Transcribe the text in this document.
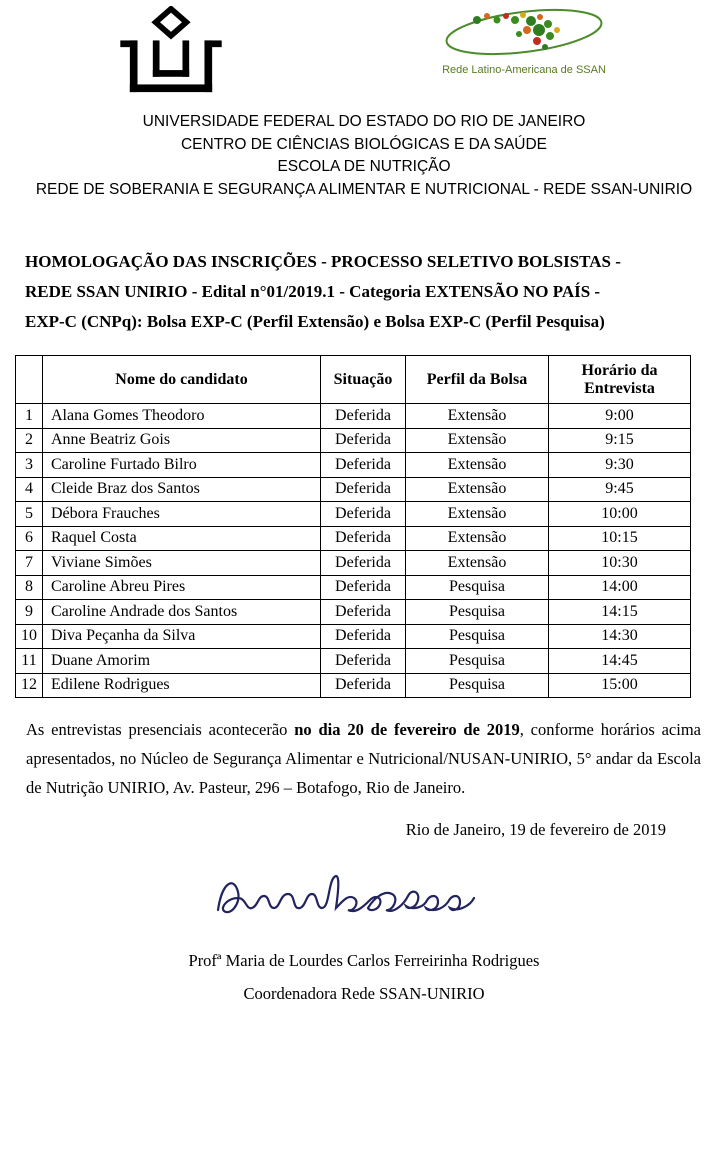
Rede Latino-Americana de SSAN
UNIVERSIDADE FEDERAL DO ESTADO DO RIO DE JANEIRO
CENTRO DE CIÊNCIAS BIOLÓGICAS E DA SAÚDE
ESCOLA DE NUTRIÇÃO
REDE DE SOBERANIA E SEGURANÇA ALIMENTAR E NUTRICIONAL - REDE SSAN-UNIRIO
HOMOLOGAÇÃO DAS INSCRIÇÕES - PROCESSO SELETIVO BOLSISTAS -
REDE SSAN UNIRIO - Edital n°01/2019.1 - Categoria EXTENSÃO NO PAÍS -
EXP-C (CNPq): Bolsa EXP-C (Perfil Extensão) e Bolsa EXP-C (Perfil Pesquisa)
	Nome do candidato	Situação	Perfil da Bolsa	Horário da Entrevista
1	Alana Gomes Theodoro	Deferida	Extensão	9:00
2	Anne Beatriz Gois	Deferida	Extensão	9:15
3	Caroline Furtado Bilro	Deferida	Extensão	9:30
4	Cleide Braz dos Santos	Deferida	Extensão	9:45
5	Débora Frauches	Deferida	Extensão	10:00
6	Raquel Costa	Deferida	Extensão	10:15
7	Viviane Simões	Deferida	Extensão	10:30
8	Caroline Abreu Pires	Deferida	Pesquisa	14:00
9	Caroline Andrade dos Santos	Deferida	Pesquisa	14:15
10	Diva Peçanha da Silva	Deferida	Pesquisa	14:30
11	Duane Amorim	Deferida	Pesquisa	14:45
12	Edilene Rodrigues	Deferida	Pesquisa	15:00

As entrevistas presenciais acontecerão no dia 20 de fevereiro de 2019, conforme horários acima apresentados, no Núcleo de Segurança Alimentar e Nutricional/NUSAN-UNIRIO, 5° andar da Escola de Nutrição UNIRIO, Av. Pasteur, 296 – Botafogo, Rio de Janeiro.

Rio de Janeiro, 19 de fevereiro de 2019
Profª Maria de Lourdes Carlos Ferreirinha Rodrigues
Coordenadora Rede SSAN-UNIRIO
